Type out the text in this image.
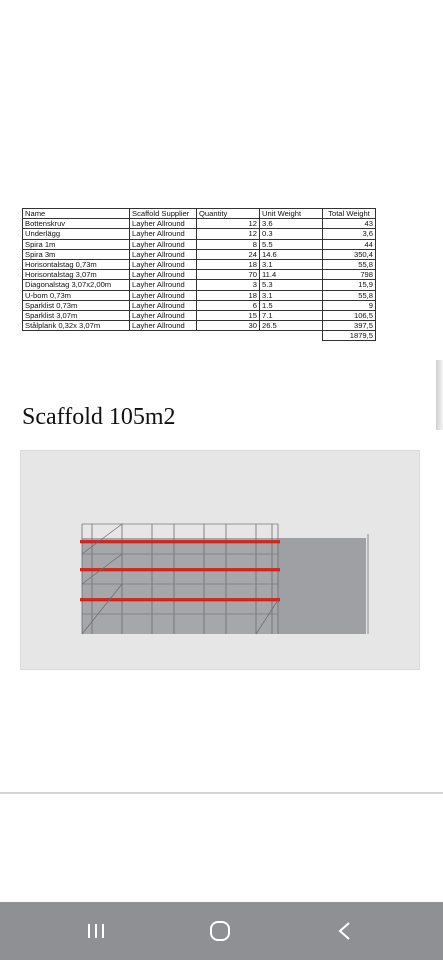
Name	Scaffold Supplier	Quantity	Unit Weight	Total Weight
Bottenskruv	Layher Allround	12	3.6	43
Underlägg	Layher Allround	12	0.3	3,6
Spira 1m	Layher Allround	8	5.5	44
Spira 3m	Layher Allround	24	14.6	350,4
Horisontalstag 0,73m	Layher Allround	18	3.1	55,8
Horisontalstag 3,07m	Layher Allround	70	11.4	798
Diagonalstag 3,07x2,00m	Layher Allround	3	5.3	15,9
U-bom 0,73m	Layher Allround	18	3.1	55,8
Sparklist 0,73m	Layher Allround	6	1.5	9
Sparklist 3,07m	Layher Allround	15	7.1	106,5
Stålplank 0,32x 3,07m	Layher Allround	30	26.5	397,5
				1879,5
Scaffold 105m2
